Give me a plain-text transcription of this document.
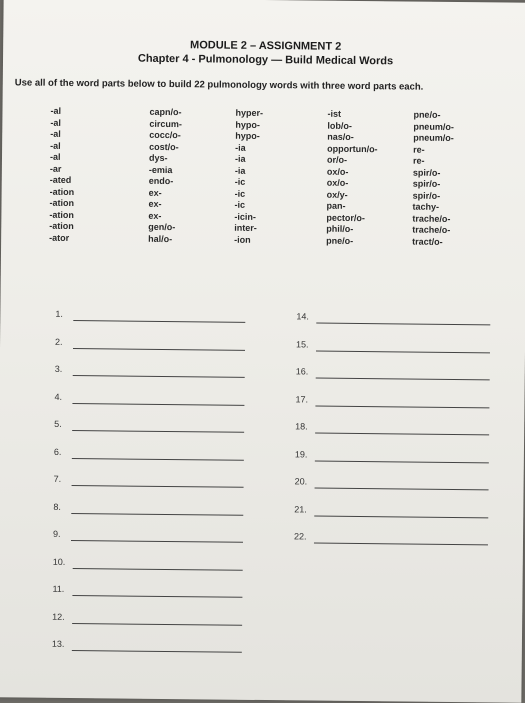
MODULE 2 – ASSIGNMENT 2

Chapter 4 - Pulmonology — Build Medical Words

Use all of the word parts below to build 22 pulmonology words with three word parts each.

-al
-al
-al
-al
-al
-ar
-ated
-ation
-ation
-ation
-ation
-ator
capn/o-
circum-
cocc/o-
cost/o-
dys-
-emia
endo-
ex-
ex-
ex-
gen/o-
hal/o-
hyper-
hypo-
hypo-
-ia
-ia
-ia
-ic
-ic
-ic
-icin-
inter-
-ion
-ist
lob/o-
nas/o-
opportun/o-
or/o-
ox/o-
ox/o-
ox/y-
pan-
pector/o-
phil/o-
pne/o-
pne/o-
pneum/o-
pneum/o-
re-
re-
spir/o-
spir/o-
spir/o-
tachy-
trache/o-
trache/o-
tract/o-
1.
2.
3.
4.
5.
6.
7.
8.
9.
10.
11.
12.
13.
14.
15.
16.
17.
18.
19.
20.
21.
22.
